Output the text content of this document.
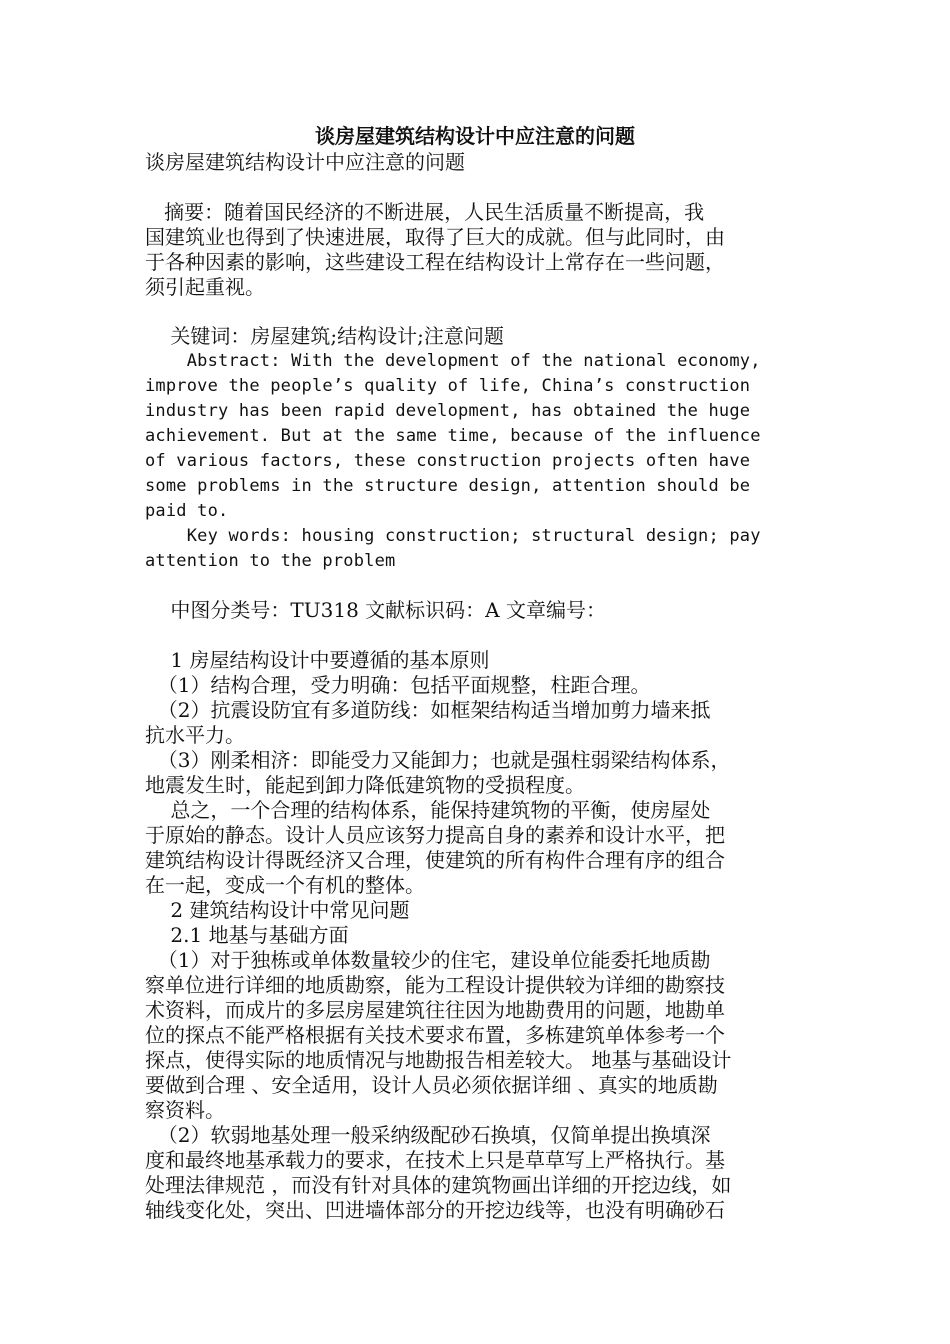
谈房屋建筑结构设计中应注意的问题
谈房屋建筑结构设计中应注意的问题
摘要：随着国民经济的不断进展，人民生活质量不断提高，我
国建筑业也得到了快速进展，取得了巨大的成就。但与此同时，由
于各种因素的影响，这些建设工程在结构设计上常存在一些问题，
须引起重视。
关键词：房屋建筑;结构设计;注意问题
Abstract: With the development of the national economy,
improve the people’s quality of life, China’s construction
industry has been rapid development, has obtained the huge
achievement. But at the same time, because of the influence
of various factors, these construction projects often have
some problems in the structure design, attention should be
paid to.
Key words: housing construction; structural design; pay
attention to the problem
中图分类号：TU318 文献标识码：A 文章编号：
1 房屋结构设计中要遵循的基本原则
（1）结构合理，受力明确：包括平面规整，柱距合理。
（2）抗震设防宜有多道防线：如框架结构适当增加剪力墙来抵
抗水平力。
（3）刚柔相济：即能受力又能卸力；也就是强柱弱梁结构体系，
地震发生时，能起到卸力降低建筑物的受损程度。
总之，一个合理的结构体系，能保持建筑物的平衡，使房屋处
于原始的静态。设计人员应该努力提高自身的素养和设计水平，把
建筑结构设计得既经济又合理，使建筑的所有构件合理有序的组合
在一起，变成一个有机的整体。
2 建筑结构设计中常见问题
2.1 地基与基础方面
（1）对于独栋或单体数量较少的住宅，建设单位能委托地质勘
察单位进行详细的地质勘察，能为工程设计提供较为详细的勘察技
术资料，而成片的多层房屋建筑往往因为地勘费用的问题，地勘单
位的探点不能严格根据有关技术要求布置，多栋建筑单体参考一个
探点，使得实际的地质情况与地勘报告相差较大。 地基与基础设计
要做到合理 、安全适用，设计人员必须依据详细 、真实的地质勘
察资料。
（2）软弱地基处理一般采纳级配砂石换填，仅简单提出换填深
度和最终地基承载力的要求，在技术上只是草草写上严格执行。基
处理法律规范 ，而没有针对具体的建筑物画出详细的开挖边线，如
轴线变化处，突出、凹进墙体部分的开挖边线等，也没有明确砂石
